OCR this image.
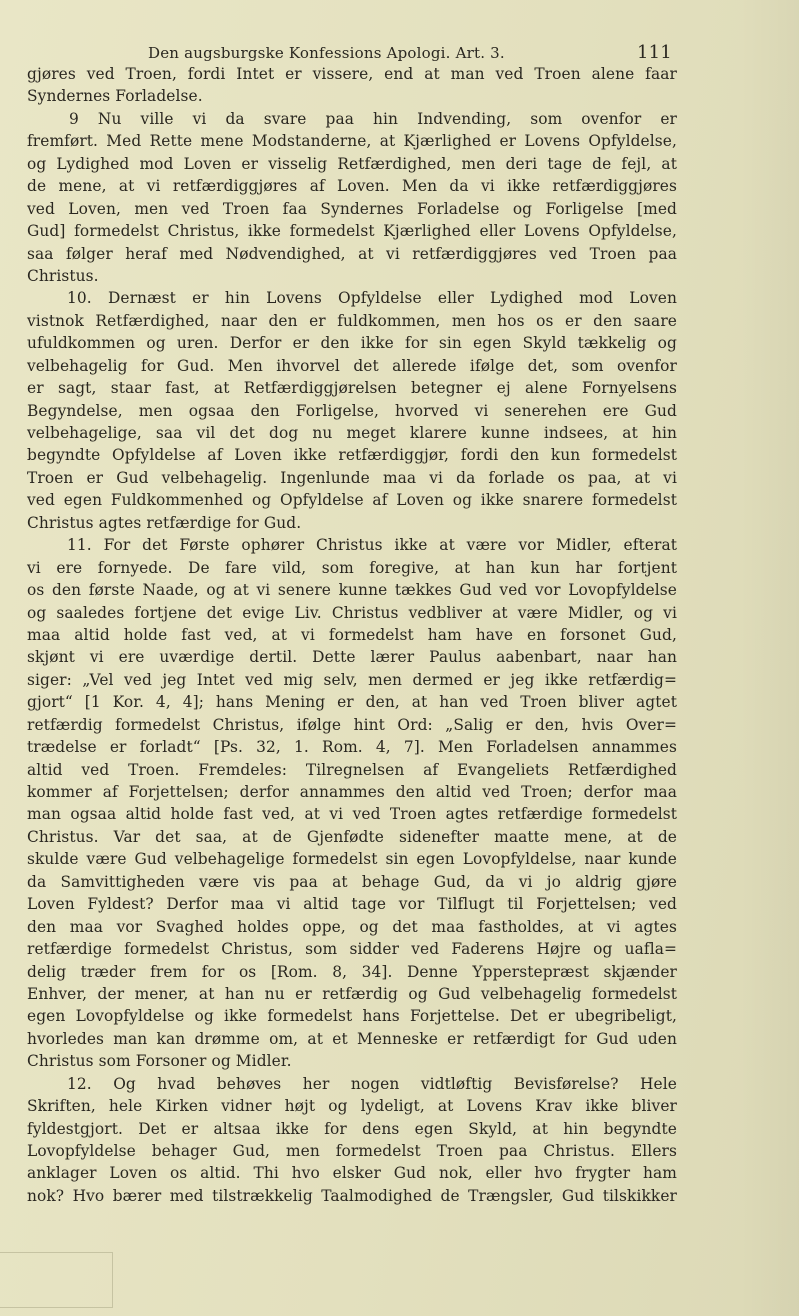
Den augsburgske Konfessions Apologi. Art. 3.	111
gjøres ved Troen, fordi Intet er vissere, end at man ved Troen alene faar
Syndernes Forladelse.
9 Nu ville vi da svare paa hin Indvending, som ovenfor er
fremført. Med Rette mene Modstanderne, at Kjærlighed er Lovens Opfyldelse,
og Lydighed mod Loven er visselig Retfærdighed, men deri tage de fejl, at
de mene, at vi retfærdiggjøres af Loven. Men da vi ikke retfærdiggjøres
ved Loven, men ved Troen faa Syndernes Forladelse og Forligelse [med
Gud] formedelst Christus, ikke formedelst Kjærlighed eller Lovens Opfyldelse,
saa følger heraf med Nødvendighed, at vi retfærdiggjøres ved Troen paa
Christus.
10. Dernæst er hin Lovens Opfyldelse eller Lydighed mod Loven
vistnok Retfærdighed, naar den er fuldkommen, men hos os er den saare
ufuldkommen og uren. Derfor er den ikke for sin egen Skyld tækkelig og
velbehagelig for Gud. Men ihvorvel det allerede ifølge det, som ovenfor
er sagt, staar fast, at Retfærdiggjørelsen betegner ej alene Fornyelsens
Begyndelse, men ogsaa den Forligelse, hvorved vi senerehen ere Gud
velbehagelige, saa vil det dog nu meget klarere kunne indsees, at hin
begyndte Opfyldelse af Loven ikke retfærdiggjør, fordi den kun formedelst
Troen er Gud velbehagelig. Ingenlunde maa vi da forlade os paa, at vi
ved egen Fuldkommenhed og Opfyldelse af Loven og ikke snarere formedelst
Christus agtes retfærdige for Gud.
11. For det Første ophører Christus ikke at være vor Midler, efterat
vi ere fornyede. De fare vild, som foregive, at han kun har fortjent
os den første Naade, og at vi senere kunne tækkes Gud ved vor Lovopfyldelse
og saaledes fortjene det evige Liv. Christus vedbliver at være Midler, og vi
maa altid holde fast ved, at vi formedelst ham have en forsonet Gud,
skjønt vi ere uværdige dertil. Dette lærer Paulus aabenbart, naar han
siger: „Vel ved jeg Intet ved mig selv, men dermed er jeg ikke retfærdig=
gjort“ [1 Kor. 4, 4]; hans Mening er den, at han ved Troen bliver agtet
retfærdig formedelst Christus, ifølge hint Ord: „Salig er den, hvis Over=
trædelse er forladt“ [Ps. 32, 1. Rom. 4, 7]. Men Forladelsen annammes
altid ved Troen. Fremdeles: Tilregnelsen af Evangeliets Retfærdighed
kommer af Forjettelsen; derfor annammes den altid ved Troen; derfor maa
man ogsaa altid holde fast ved, at vi ved Troen agtes retfærdige formedelst
Christus. Var det saa, at de Gjenfødte sidenefter maatte mene, at de
skulde være Gud velbehagelige formedelst sin egen Lovopfyldelse, naar kunde
da Samvittigheden være vis paa at behage Gud, da vi jo aldrig gjøre
Loven Fyldest? Derfor maa vi altid tage vor Tilflugt til Forjettelsen; ved
den maa vor Svaghed holdes oppe, og det maa fastholdes, at vi agtes
retfærdige formedelst Christus, som sidder ved Faderens Højre og uafla=
delig træder frem for os [Rom. 8, 34]. Denne Ypperstepræst skjænder
Enhver, der mener, at han nu er retfærdig og Gud velbehagelig formedelst
egen Lovopfyldelse og ikke formedelst hans Forjettelse. Det er ubegribeligt,
hvorledes man kan drømme om, at et Menneske er retfærdigt for Gud uden
Christus som Forsoner og Midler.
12. Og hvad behøves her nogen vidtløftig Bevisførelse? Hele
Skriften, hele Kirken vidner højt og lydeligt, at Lovens Krav ikke bliver
fyldestgjort. Det er altsaa ikke for dens egen Skyld, at hin begyndte
Lovopfyldelse behager Gud, men formedelst Troen paa Christus. Ellers
anklager Loven os altid. Thi hvo elsker Gud nok, eller hvo frygter ham
nok? Hvo bærer med tilstrækkelig Taalmodighed de Trængsler, Gud tilskikker
